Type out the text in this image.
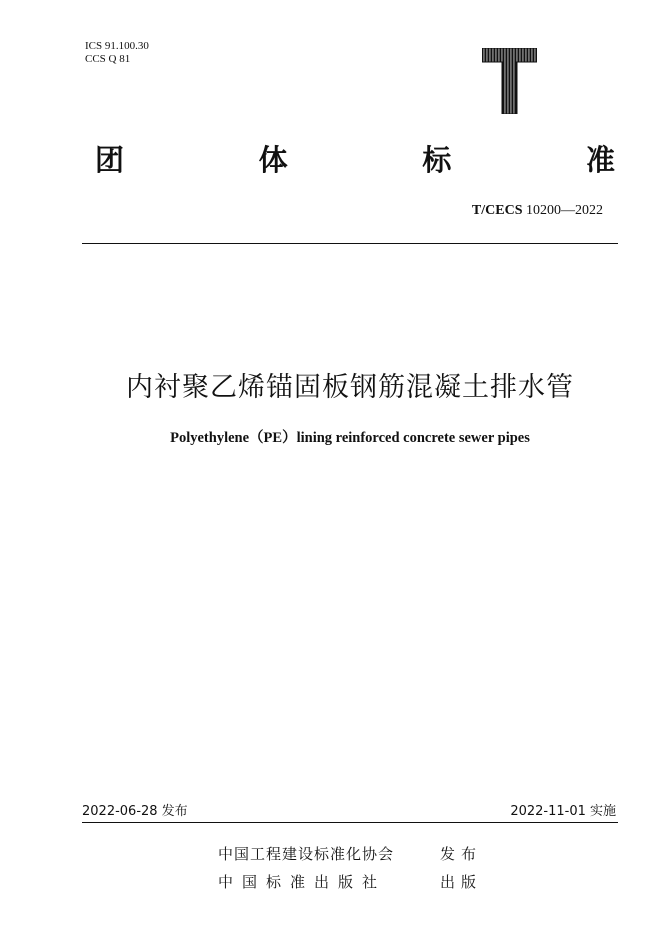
ICS 91.100.30
CCS Q 81
团	体	标	准
T/CECS 10200—2022
内衬聚乙烯锚固板钢筋混凝土排水管
Polyethylene（PE）lining reinforced concrete sewer pipes
2022-06-28 发布	2022-11-01 实施
中国工程建设标准化协会	发布
中国标准出版社	出版
